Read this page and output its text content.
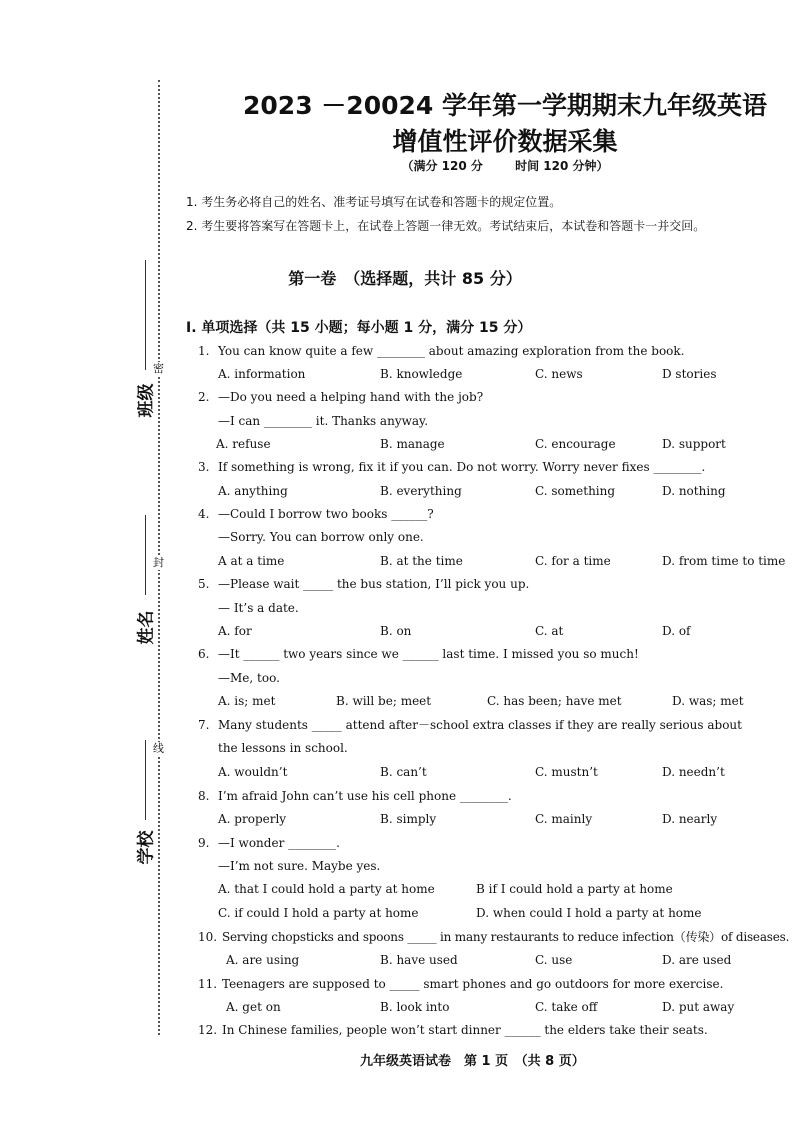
密
封
线
班级
姓名
学校
2023 －20024 学年第一学期期末九年级英语
增值性评价数据采集
（满分 120 分	时间 120 分钟）
1. 考生务必将自己的姓名、准考证号填写在试卷和答题卡的规定位置。
2. 考生要将答案写在答题卡上，在试卷上答题一律无效。考试结束后，本试卷和答题卡一并交回。
第一卷　（选择题，共计 85 分）
I. 单项选择（共 15 小题；每小题 1 分，满分 15 分）
1. You can know quite a few ________ about amazing exploration from the book.
A. information	B. knowledge	C. news	D stories
2. —Do you need a helping hand with the job?
—I can ________ it. Thanks anyway.
A. refuse	B. manage	C. encourage	D. support
3. If something is wrong, fix it if you can. Do not worry. Worry never fixes ________.
A. anything	B. everything	C. something	D. nothing
4. —Could I borrow two books ______?
—Sorry. You can borrow only one.
A at a time	B. at the time	C. for a time	D. from time to time
5. —Please wait _____ the bus station, I’ll pick you up.
— It’s a date.
A. for	B. on	C. at	D. of
6. —It ______ two years since we ______ last time. I missed you so much!
—Me, too.
A. is; met	B. will be; meet	C. has been; have met	D. was; met
7. Many students _____ attend after－school extra classes if they are really serious about
the lessons in school.
A. wouldn’t	B. can’t	C. mustn’t	D. needn’t
8. I’m afraid John can’t use his cell phone ________.
A. properly	B. simply	C. mainly	D. nearly
9. —I wonder ________.
—I’m not sure. Maybe yes.
A. that I could hold a party at home	B if I could hold a party at home
C. if could I hold a party at home	D. when could I hold a party at home
10. Serving chopsticks and spoons _____ in many restaurants to reduce infection（传染）of diseases.
A. are using	B. have used	C. use	D. are used
11. Teenagers are supposed to _____ smart phones and go outdoors for more exercise.
A. get on	B. look into	C. take off	D. put away
12. In Chinese families, people won’t start dinner ______ the elders take their seats.
九年级英语试卷　第 1 页　（共 8 页）
